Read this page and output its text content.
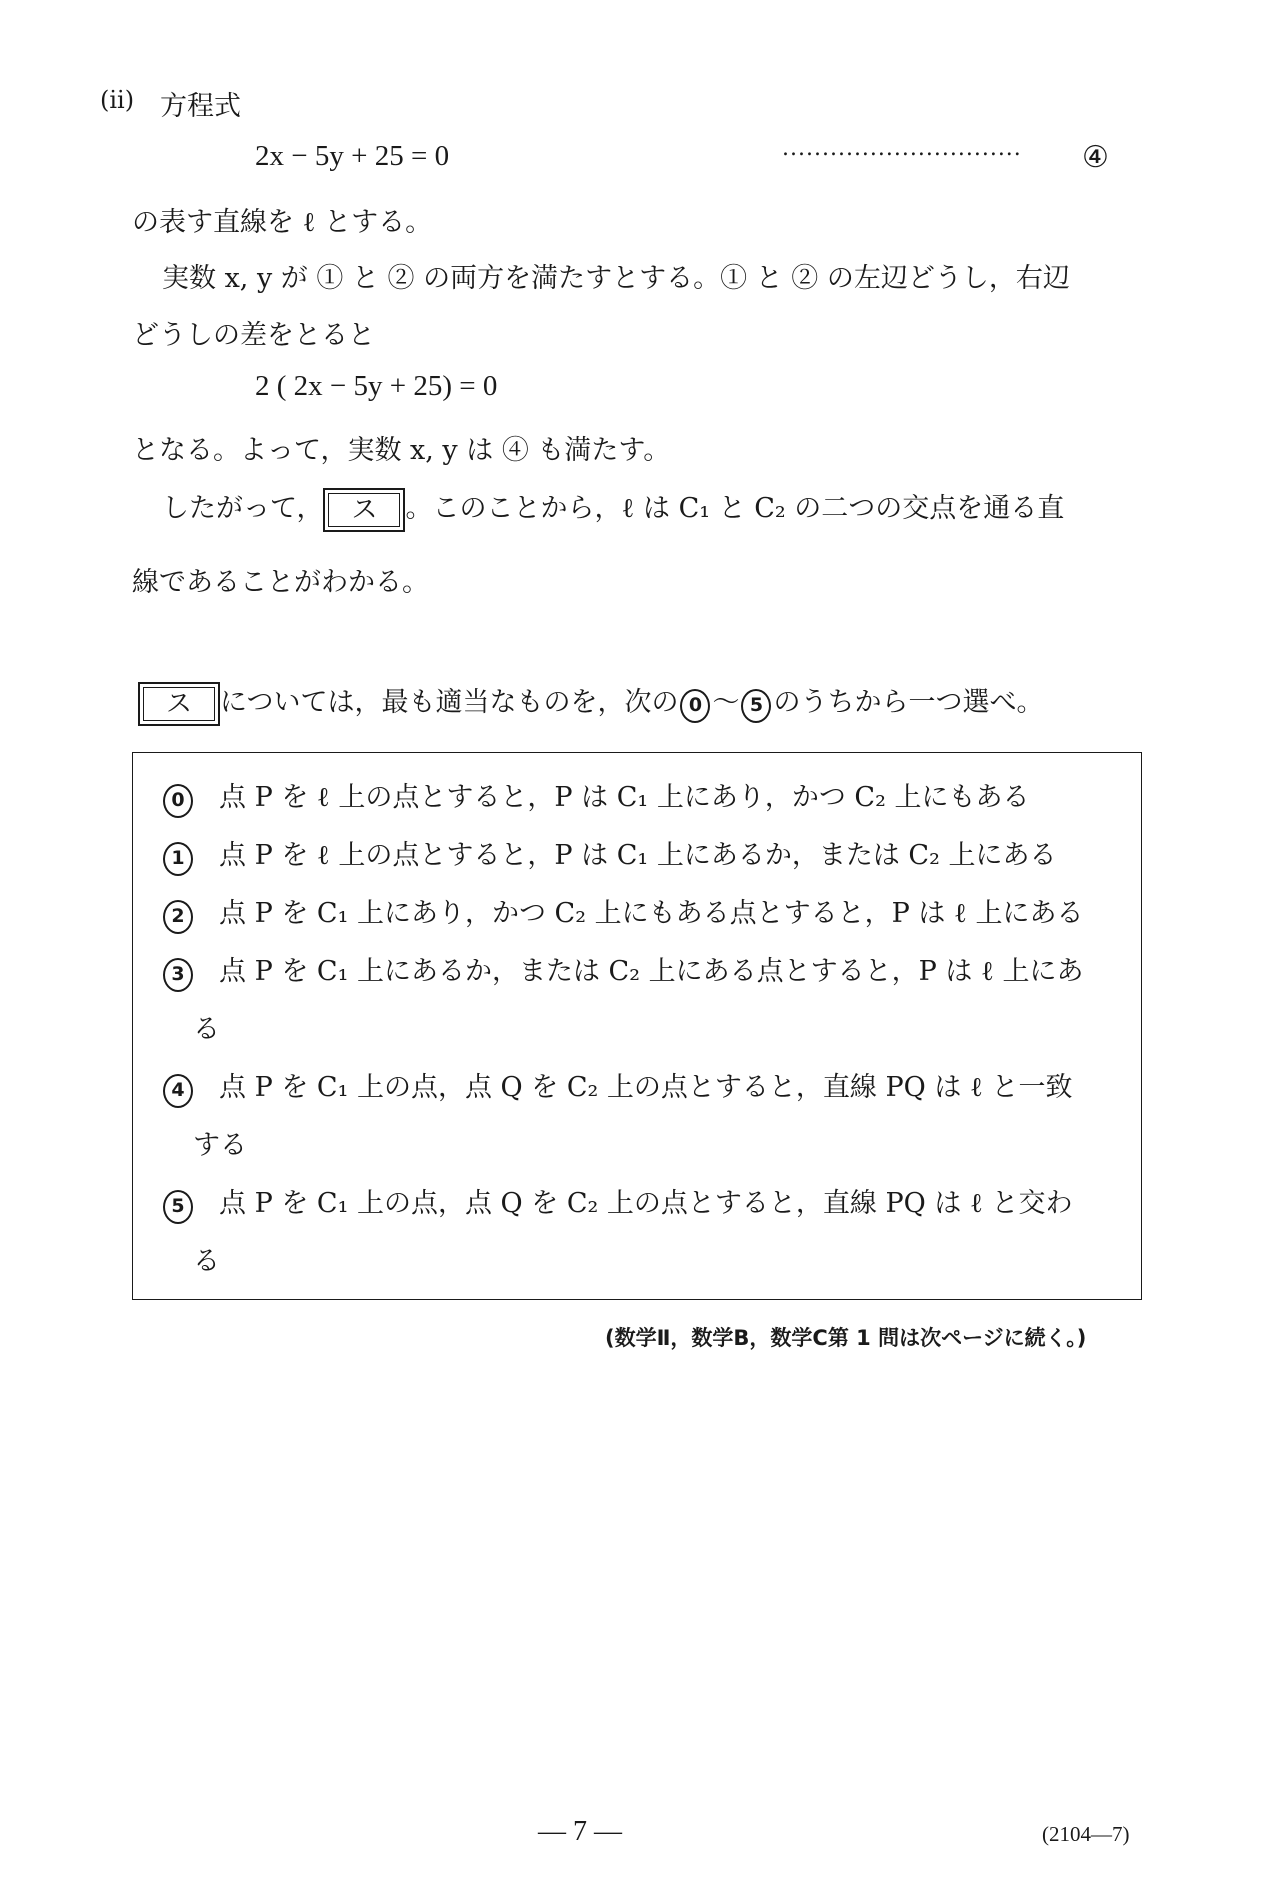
(ii) 方程式
2x − 5y + 25 = 0	.............................. ④
の表す直線を ℓ とする。
実数 x, y が ① と ② の両方を満たすとする。① と ② の左辺どうし，右辺
どうしの差をとると
2 ( 2x − 5y + 25) = 0
となる。よって，実数 x, y は ④ も満たす。
したがって， ス 。このことから，ℓ は C₁ と C₂ の二つの交点を通る直
線であることがわかる。
ス については，最も適当なものを，次の 0 ～ 5 のうちから一つ選べ。
0 点 P を ℓ 上の点とすると，P は C₁ 上にあり，かつ C₂ 上にもある
1 点 P を ℓ 上の点とすると，P は C₁ 上にあるか，または C₂ 上にある
2 点 P を C₁ 上にあり，かつ C₂ 上にもある点とすると，P は ℓ 上にある
3 点 P を C₁ 上にあるか，または C₂ 上にある点とすると，P は ℓ 上にあ
る
4 点 P を C₁ 上の点，点 Q を C₂ 上の点とすると，直線 PQ は ℓ と一致
する
5 点 P を C₁ 上の点，点 Q を C₂ 上の点とすると，直線 PQ は ℓ と交わ
る
(数学Ⅱ，数学B，数学C第 1 問は次ページに続く。)
— 7 —	(2104—7)
